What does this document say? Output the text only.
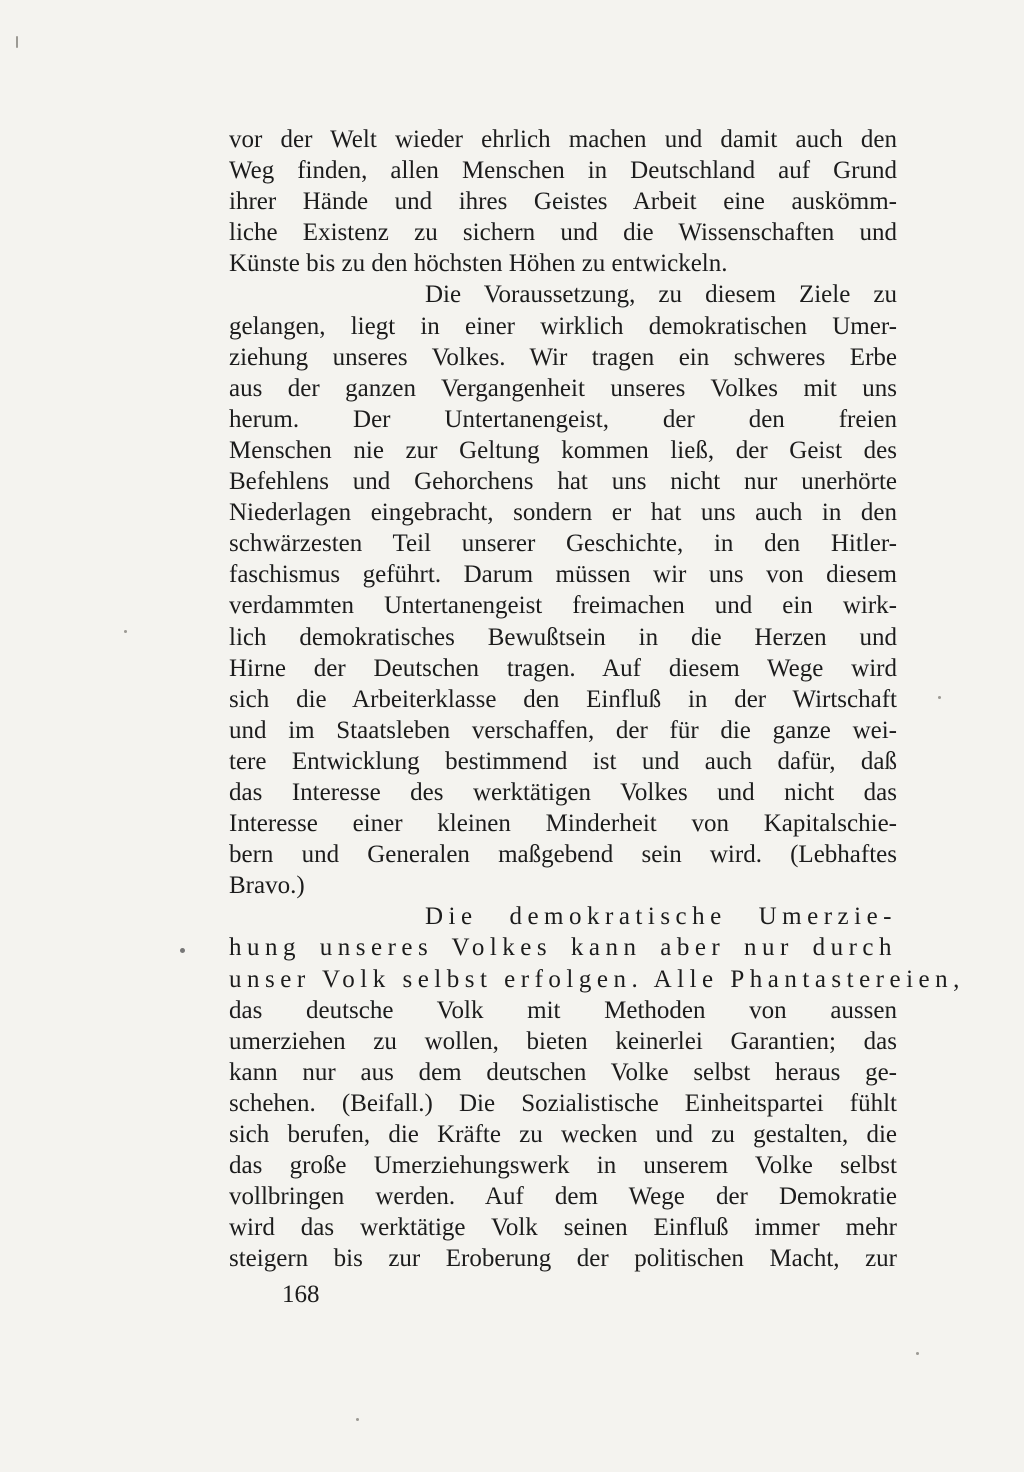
vor der Welt wieder ehrlich machen und damit auch den
Weg finden, allen Menschen in Deutschland auf Grund
ihrer Hände und ihres Geistes Arbeit eine auskömm-
liche Existenz zu sichern und die Wissenschaften und
Künste bis zu den höchsten Höhen zu entwickeln.
Die Voraussetzung, zu diesem Ziele zu
gelangen, liegt in einer wirklich demokratischen Umer-
ziehung unseres Volkes. Wir tragen ein schweres Erbe
aus der ganzen Vergangenheit unseres Volkes mit uns
herum. Der Untertanengeist, der den freien
Menschen nie zur Geltung kommen ließ, der Geist des
Befehlens und Gehorchens hat uns nicht nur unerhörte
Niederlagen eingebracht, sondern er hat uns auch in den
schwärzesten Teil unserer Geschichte, in den Hitler-
faschismus geführt. Darum müssen wir uns von diesem
verdammten Untertanengeist freimachen und ein wirk-
lich demokratisches Bewußtsein in die Herzen und
Hirne der Deutschen tragen. Auf diesem Wege wird
sich die Arbeiterklasse den Einfluß in der Wirtschaft
und im Staatsleben verschaffen, der für die ganze wei-
tere Entwicklung bestimmend ist und auch dafür, daß
das Interesse des werktätigen Volkes und nicht das
Interesse einer kleinen Minderheit von Kapitalschie-
bern und Generalen maßgebend sein wird. (Lebhaftes
Bravo.)
Die demokratische Umerzie-
hung unseres Volkes kann aber nur durch
unser Volk selbst erfolgen. Alle Phantastereien,
das deutsche Volk mit Methoden von aussen
umerziehen zu wollen, bieten keinerlei Garantien; das
kann nur aus dem deutschen Volke selbst heraus ge-
schehen. (Beifall.) Die Sozialistische Einheitspartei fühlt
sich berufen, die Kräfte zu wecken und zu gestalten, die
das große Umerziehungswerk in unserem Volke selbst
vollbringen werden. Auf dem Wege der Demokratie
wird das werktätige Volk seinen Einfluß immer mehr
steigern bis zur Eroberung der politischen Macht, zur
168
